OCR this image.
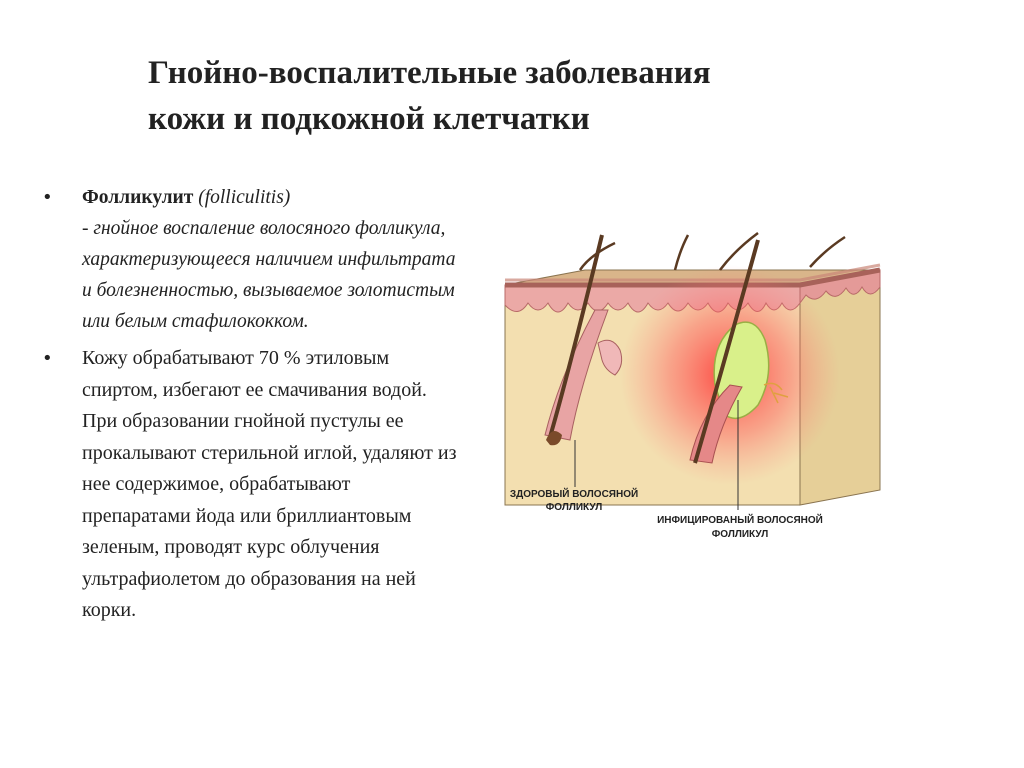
Гнойно-воспалительные заболевания
кожи и подкожной клетчатки
• Фолликулит (folliculitis)
- гнойное воспаление волосяного фолликула, характеризующееся наличием инфильтрата и болезненностью, вызываемое золотистым или белым стафилококком.
• Кожу обрабатывают 70 % этиловым спиртом, избегают ее смачивания водой. При образовании гнойной пустулы ее прокалывают стерильной иглой, удаляют из нее содержимое, обрабатывают препаратами йода или бриллиантовым зеленым, проводят курс облучения ультрафиолетом до образования на ней корки.
ЗДОРОВЫЙ ВОЛОСЯНОЙ
ФОЛЛИКУЛ
ИНФИЦИРОВАНЫЙ ВОЛОСЯНОЙ
ФОЛЛИКУЛ
